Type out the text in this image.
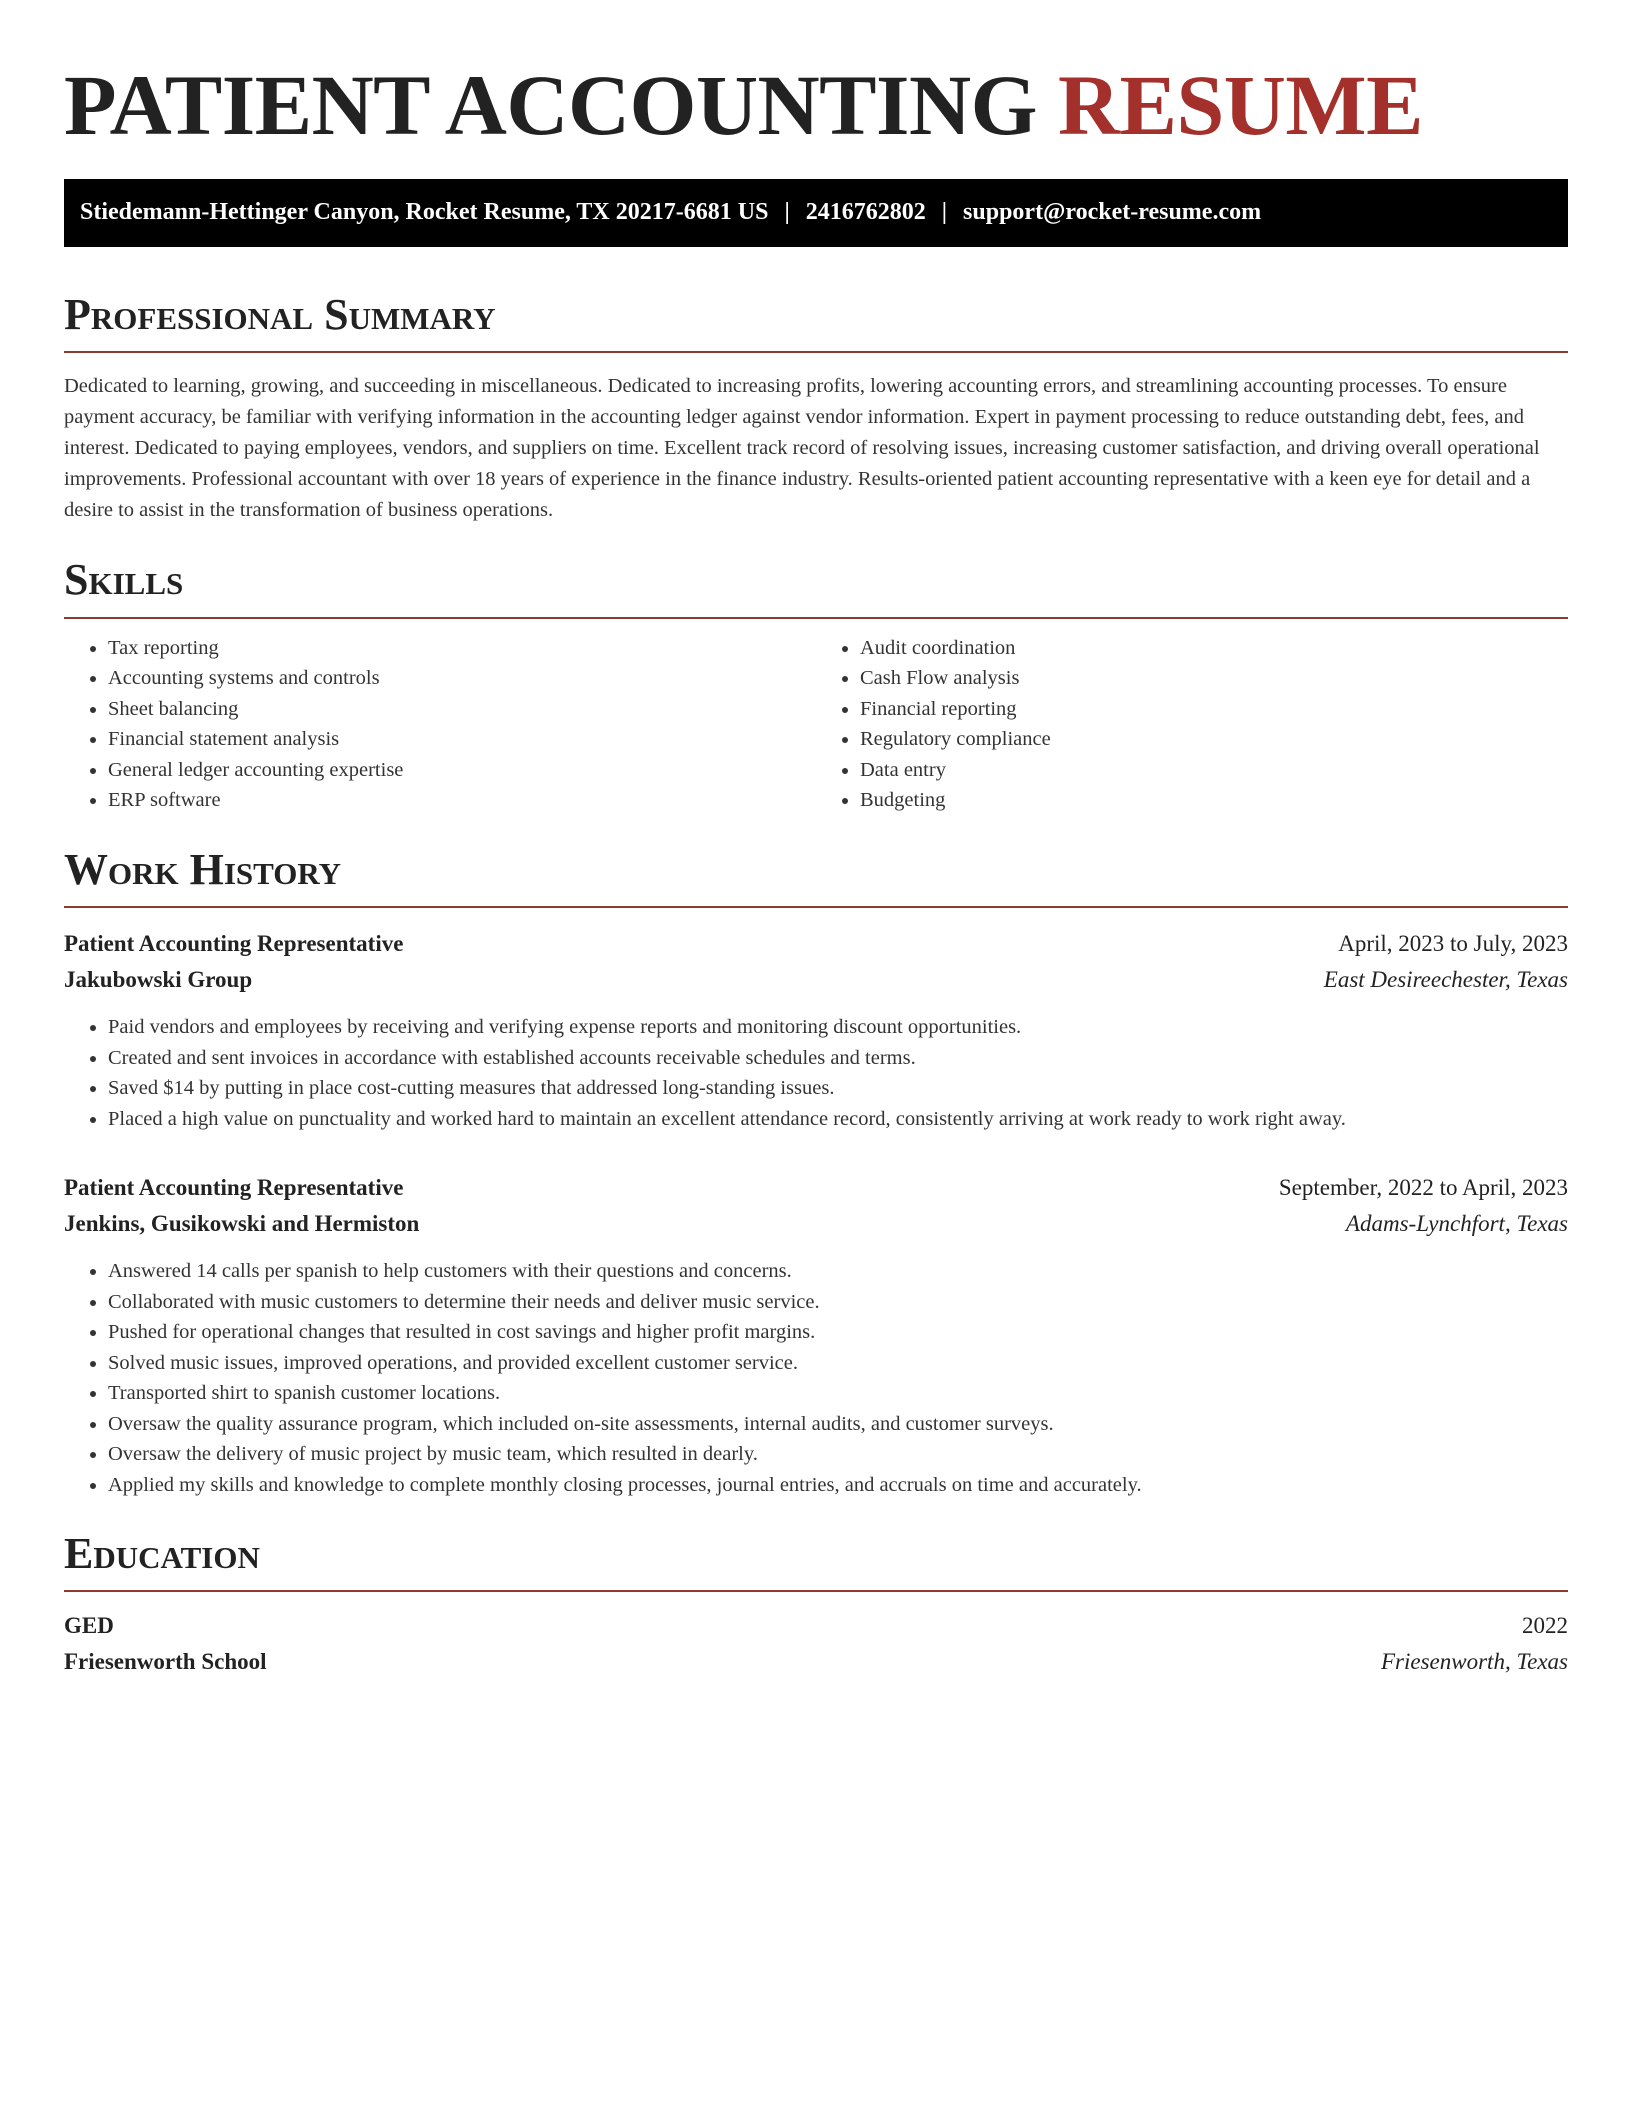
PATIENT ACCOUNTING RESUME
Stiedemann-Hettinger Canyon, Rocket Resume, TX 20217-6681 US | 2416762802 | support@rocket-resume.com
Professional Summary

Dedicated to learning, growing, and succeeding in miscellaneous. Dedicated to increasing profits, lowering accounting errors, and streamlining accounting processes. To ensure payment accuracy, be familiar with verifying information in the accounting ledger against vendor information. Expert in payment processing to reduce outstanding debt, fees, and interest. Dedicated to paying employees, vendors, and suppliers on time. Excellent track record of resolving issues, increasing customer satisfaction, and driving overall operational improvements. Professional accountant with over 18 years of experience in the finance industry. Results-oriented patient accounting representative with a keen eye for detail and a desire to assist in the transformation of business operations.

Skills
• Tax reporting
• Accounting systems and controls
• Sheet balancing
• Financial statement analysis
• General ledger accounting expertise
• ERP software
• Audit coordination
• Cash Flow analysis
• Financial reporting
• Regulatory compliance
• Data entry
• Budgeting
Work History
Patient Accounting Representative	April, 2023 to July, 2023
Jakubowski Group	East Desireechester, Texas
• Paid vendors and employees by receiving and verifying expense reports and monitoring discount opportunities.
• Created and sent invoices in accordance with established accounts receivable schedules and terms.
• Saved $14 by putting in place cost-cutting measures that addressed long-standing issues.
• Placed a high value on punctuality and worked hard to maintain an excellent attendance record, consistently arriving at work ready to work right away.
Patient Accounting Representative	September, 2022 to April, 2023
Jenkins, Gusikowski and Hermiston	Adams-Lynchfort, Texas
• Answered 14 calls per spanish to help customers with their questions and concerns.
• Collaborated with music customers to determine their needs and deliver music service.
• Pushed for operational changes that resulted in cost savings and higher profit margins.
• Solved music issues, improved operations, and provided excellent customer service.
• Transported shirt to spanish customer locations.
• Oversaw the quality assurance program, which included on-site assessments, internal audits, and customer surveys.
• Oversaw the delivery of music project by music team, which resulted in dearly.
• Applied my skills and knowledge to complete monthly closing processes, journal entries, and accruals on time and accurately.
Education
GED	2022
Friesenworth School	Friesenworth, Texas
